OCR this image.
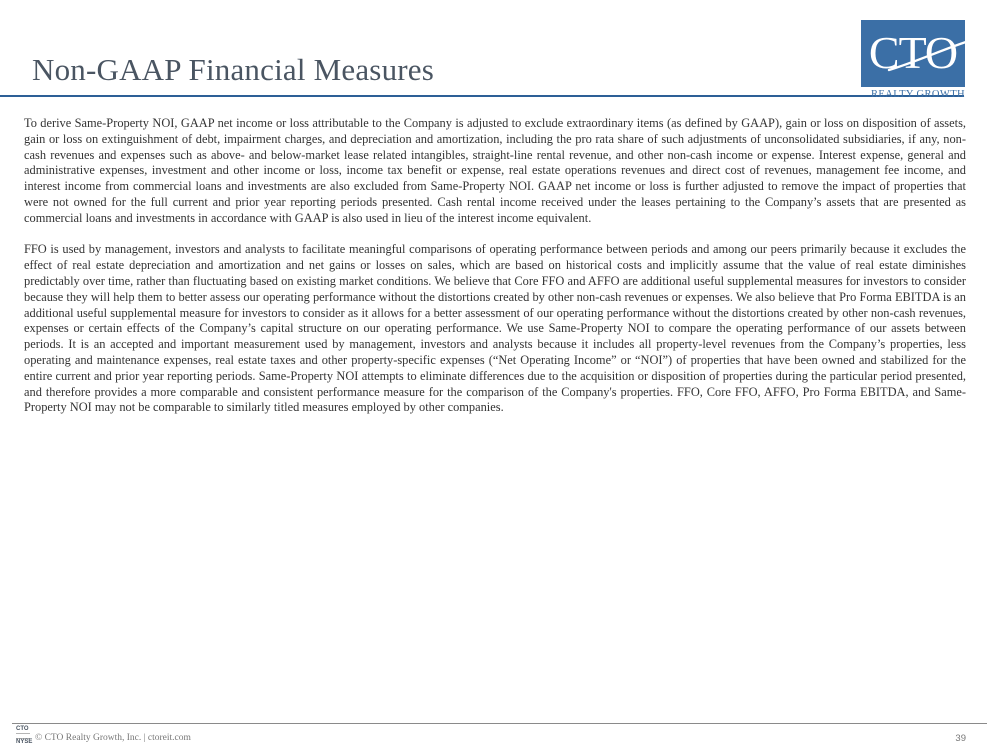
Non-GAAP Financial Measures	CTO
REALTY GROWTH

To derive Same-Property NOI, GAAP net income or loss attributable to the Company is adjusted to exclude extraordinary items (as defined by GAAP), gain or loss on disposition of assets, gain or loss on extinguishment of debt, impairment charges, and depreciation and amortization, including the pro rata share of such adjustments of unconsolidated subsidiaries, if any, non-cash revenues and expenses such as above- and below-market lease related intangibles, straight-line rental revenue, and other non-cash income or expense. Interest expense, general and administrative expenses, investment and other income or loss, income tax benefit or expense, real estate operations revenues and direct cost of revenues, management fee income, and interest income from commercial loans and investments are also excluded from Same-Property NOI. GAAP net income or loss is further adjusted to remove the impact of properties that were not owned for the full current and prior year reporting periods presented. Cash rental income received under the leases pertaining to the Company’s assets that are presented as commercial loans and investments in accordance with GAAP is also used in lieu of the interest income equivalent.

FFO is used by management, investors and analysts to facilitate meaningful comparisons of operating performance between periods and among our peers primarily because it excludes the effect of real estate depreciation and amortization and net gains or losses on sales, which are based on historical costs and implicitly assume that the value of real estate diminishes predictably over time, rather than fluctuating based on existing market conditions. We believe that Core FFO and AFFO are additional useful supplemental measures for investors to consider because they will help them to better assess our operating performance without the distortions created by other non-cash revenues or expenses. We also believe that Pro Forma EBITDA is an additional useful supplemental measure for investors to consider as it allows for a better assessment of our operating performance without the distortions created by other non-cash revenues, expenses or certain effects of the Company’s capital structure on our operating performance. We use Same-Property NOI to compare the operating performance of our assets between periods. It is an accepted and important measurement used by management, investors and analysts because it includes all property-level revenues from the Company’s properties, less operating and maintenance expenses, real estate taxes and other property-specific expenses (“Net Operating Income” or “NOI”) of properties that have been owned and stabilized for the entire current and prior year reporting periods. Same-Property NOI attempts to eliminate differences due to the acquisition or disposition of properties during the particular period presented, and therefore provides a more comparable and consistent performance measure for the comparison of the Company's properties. FFO, Core FFO, AFFO, Pro Forma EBITDA, and Same-Property NOI may not be comparable to similarly titled measures employed by other companies.

CTO
NYSE © CTO Realty Growth, Inc. | ctoreit.com	39
